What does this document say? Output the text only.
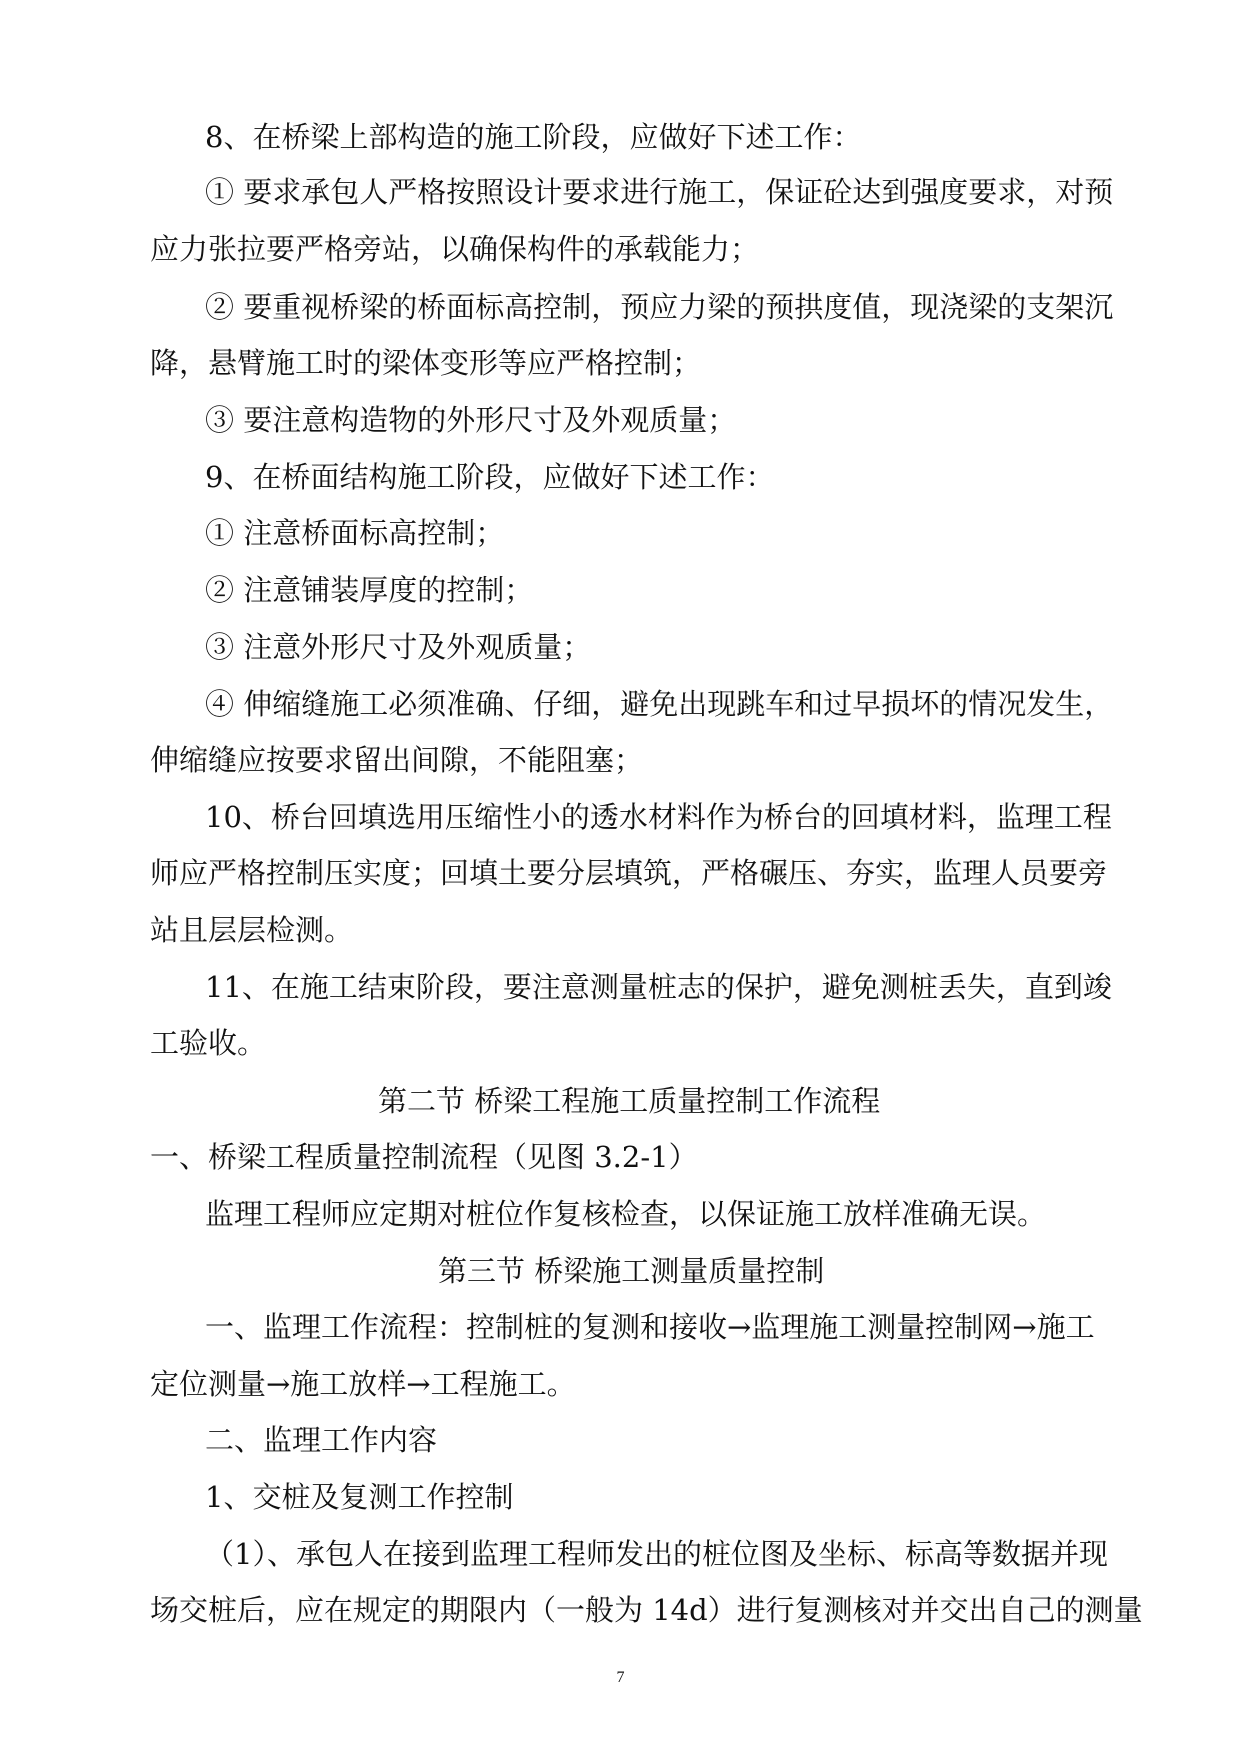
8、在桥梁上部构造的施工阶段，应做好下述工作：
① 要求承包人严格按照设计要求进行施工，保证砼达到强度要求，对预
应力张拉要严格旁站，以确保构件的承载能力；
② 要重视桥梁的桥面标高控制，预应力梁的预拱度值，现浇梁的支架沉
降，悬臂施工时的梁体变形等应严格控制；
③ 要注意构造物的外形尺寸及外观质量；
9、在桥面结构施工阶段，应做好下述工作：
① 注意桥面标高控制；
② 注意铺装厚度的控制；
③ 注意外形尺寸及外观质量；
④ 伸缩缝施工必须准确、仔细，避免出现跳车和过早损坏的情况发生，
伸缩缝应按要求留出间隙，不能阻塞；
10、桥台回填选用压缩性小的透水材料作为桥台的回填材料，监理工程
师应严格控制压实度；回填土要分层填筑，严格碾压、夯实，监理人员要旁
站且层层检测。
11、在施工结束阶段，要注意测量桩志的保护，避免测桩丢失，直到竣
工验收。
第二节 桥梁工程施工质量控制工作流程
一、桥梁工程质量控制流程（见图 3.2-1）
监理工程师应定期对桩位作复核检查，以保证施工放样准确无误。
第三节 桥梁施工测量质量控制
一、监理工作流程：控制桩的复测和接收→监理施工测量控制网→施工
定位测量→施工放样→工程施工。
二、监理工作内容
1、交桩及复测工作控制
（1）、承包人在接到监理工程师发出的桩位图及坐标、标高等数据并现
场交桩后，应在规定的期限内（一般为 14d）进行复测核对并交出自己的测量
7
